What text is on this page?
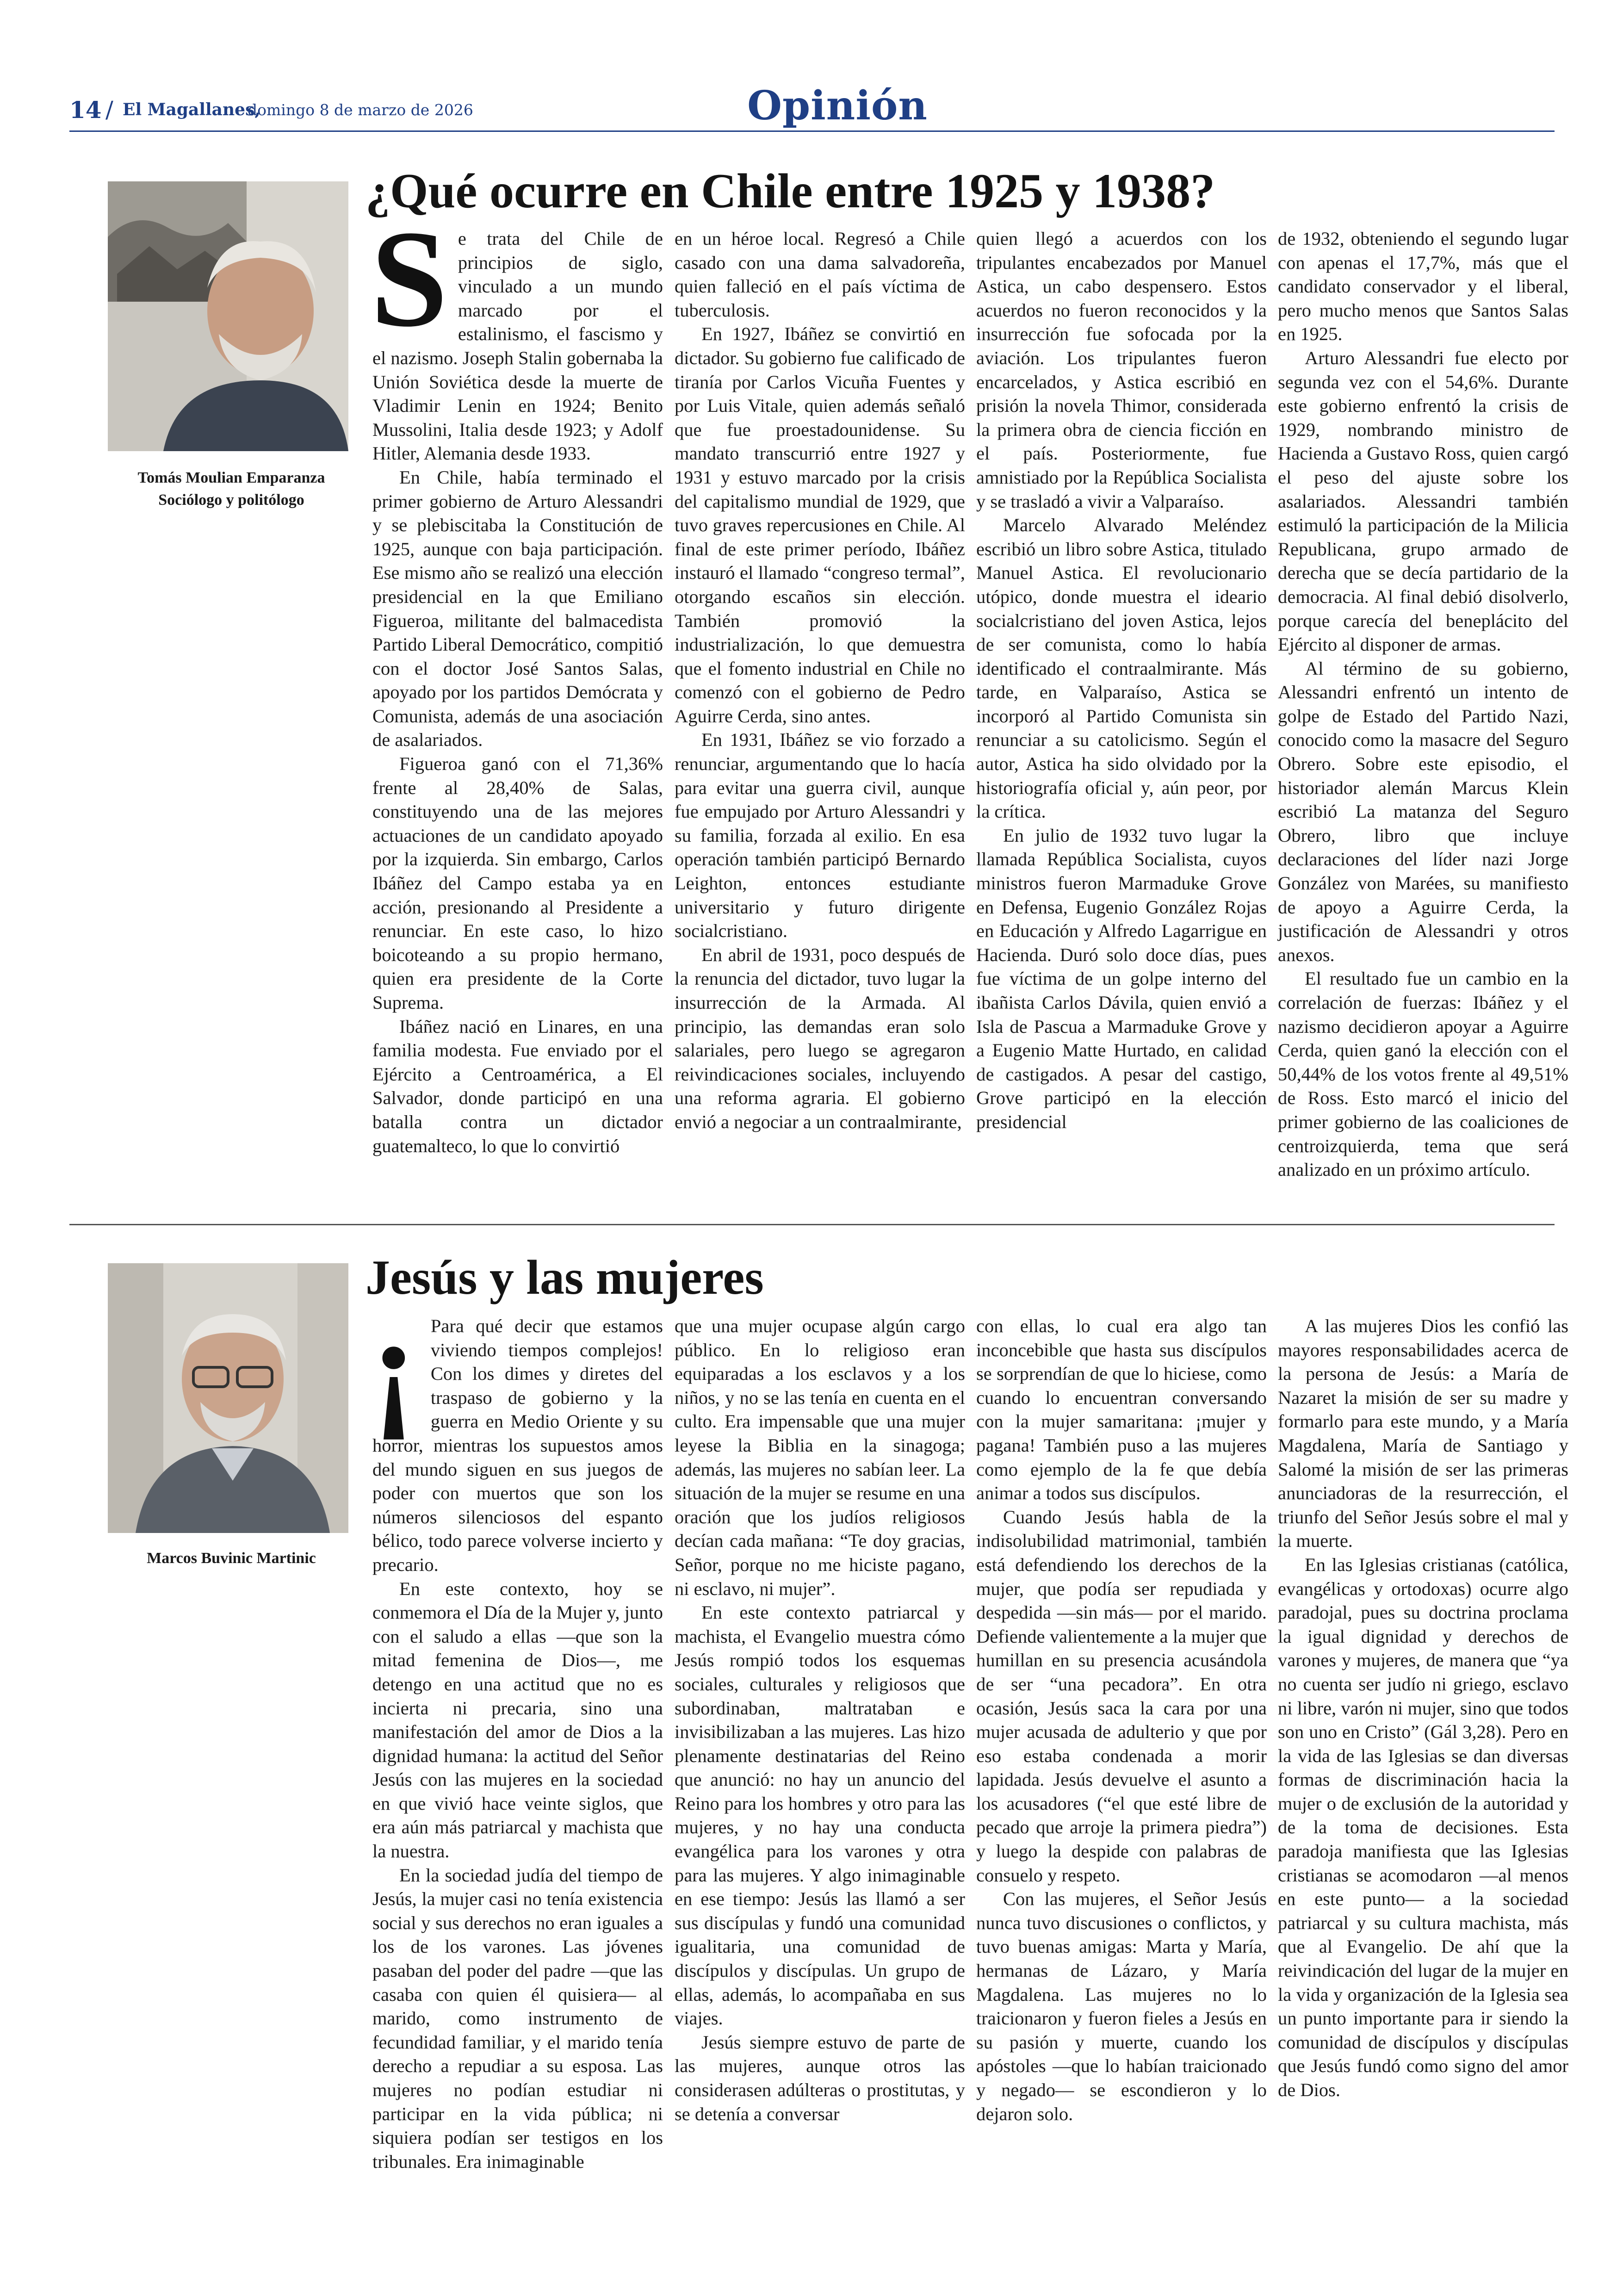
14 / El Magallanes,
domingo 8 de marzo de 2026	Opinión
Tomás Moulian Emparanza
Sociólogo y politólogo
¿Qué ocurre en Chile entre 1925 y 1938?
S e trata del Chile de principios de siglo, vinculado a un mundo marcado por el estalinismo, el fascismo y el nazismo. Joseph Stalin gobernaba la Unión Soviética desde la muerte de Vladimir Lenin en 1924; Benito Mussolini, Italia desde 1923; y Adolf Hitler, Alemania desde 1933.

En Chile, había terminado el primer gobierno de Arturo Alessandri y se plebiscitaba la Constitución de 1925, aunque con baja participación. Ese mismo año se realizó una elección presidencial en la que Emiliano Figueroa, militante del balmacedista Partido Liberal Democrático, compitió con el doctor José Santos Salas, apoyado por los partidos Demócrata y Comunista, además de una asociación de asalariados.

Figueroa ganó con el 71,36% frente al 28,40% de Salas, constituyendo una de las mejores actuaciones de un candidato apoyado por la izquierda. Sin embargo, Carlos Ibáñez del Campo estaba ya en acción, presionando al Presidente a renunciar. En este caso, lo hizo boicoteando a su propio hermano, quien era presidente de la Corte Suprema.

Ibáñez nació en Linares, en una familia modesta. Fue enviado por el Ejército a Centroamérica, a El Salvador, donde participó en una batalla contra un dictador guatemalteco, lo que lo convirtió

en un héroe local. Regresó a Chile casado con una dama salvadoreña, quien falleció en el país víctima de tuberculosis.

En 1927, Ibáñez se convirtió en dictador. Su gobierno fue calificado de tiranía por Carlos Vicuña Fuentes y por Luis Vitale, quien además señaló que fue proestadounidense. Su mandato transcurrió entre 1927 y 1931 y estuvo marcado por la crisis del capitalismo mundial de 1929, que tuvo graves repercusiones en Chile. Al final de este primer período, Ibáñez instauró el llamado “congreso termal”, otorgando escaños sin elección. También promovió la industrialización, lo que demuestra que el fomento industrial en Chile no comenzó con el gobierno de Pedro Aguirre Cerda, sino antes.

En 1931, Ibáñez se vio forzado a renunciar, argumentando que lo hacía para evitar una guerra civil, aunque fue empujado por Arturo Alessandri y su familia, forzada al exilio. En esa operación también participó Bernardo Leighton, entonces estudiante universitario y futuro dirigente socialcristiano.

En abril de 1931, poco después de la renuncia del dictador, tuvo lugar la insurrección de la Armada. Al principio, las demandas eran solo salariales, pero luego se agregaron reivindicaciones sociales, incluyendo una reforma agraria. El gobierno envió a negociar a un contraalmirante,

quien llegó a acuerdos con los tripulantes encabezados por Manuel Astica, un cabo despensero. Estos acuerdos no fueron reconocidos y la insurrección fue sofocada por la aviación. Los tripulantes fueron encarcelados, y Astica escribió en prisión la novela Thimor, considerada la primera obra de ciencia ficción en el país. Posteriormente, fue amnistiado por la República Socialista y se trasladó a vivir a Valparaíso.

Marcelo Alvarado Meléndez escribió un libro sobre Astica, titulado Manuel Astica. El revolucionario utópico, donde muestra el ideario socialcristiano del joven Astica, lejos de ser comunista, como lo había identificado el contraalmirante. Más tarde, en Valparaíso, Astica se incorporó al Partido Comunista sin renunciar a su catolicismo. Según el autor, Astica ha sido olvidado por la historiografía oficial y, aún peor, por la crítica.

En julio de 1932 tuvo lugar la llamada República Socialista, cuyos ministros fueron Marmaduke Grove en Defensa, Eugenio González Rojas en Educación y Alfredo Lagarrigue en Hacienda. Duró solo doce días, pues fue víctima de un golpe interno del ibañista Carlos Dávila, quien envió a Isla de Pascua a Marmaduke Grove y a Eugenio Matte Hurtado, en calidad de castigados. A pesar del castigo, Grove participó en la elección presidencial

de 1932, obteniendo el segundo lugar con apenas el 17,7%, más que el candidato conservador y el liberal, pero mucho menos que Santos Salas en 1925.

Arturo Alessandri fue electo por segunda vez con el 54,6%. Durante este gobierno enfrentó la crisis de 1929, nombrando ministro de Hacienda a Gustavo Ross, quien cargó el peso del ajuste sobre los asalariados. Alessandri también estimuló la participación de la Milicia Republicana, grupo armado de derecha que se decía partidario de la democracia. Al final debió disolverlo, porque carecía del beneplácito del Ejército al disponer de armas.

Al término de su gobierno, Alessandri enfrentó un intento de golpe de Estado del Partido Nazi, conocido como la masacre del Seguro Obrero. Sobre este episodio, el historiador alemán Marcus Klein escribió La matanza del Seguro Obrero, libro que incluye declaraciones del líder nazi Jorge González von Marées, su manifiesto de apoyo a Aguirre Cerda, la justificación de Alessandri y otros anexos.

El resultado fue un cambio en la correlación de fuerzas: Ibáñez y el nazismo decidieron apoyar a Aguirre Cerda, quien ganó la elección con el 50,44% de los votos frente al 49,51% de Ross. Esto marcó el inicio del primer gobierno de las coaliciones de centroizquierda, tema que será analizado en un próximo artículo.

Marcos Buvinic Martinic
Jesús y las mujeres
¡ Para qué decir que estamos viviendo tiempos complejos! Con los dimes y diretes del traspaso de gobierno y la guerra en Medio Oriente y su horror, mientras los supuestos amos del mundo siguen en sus juegos de poder con muertos que son los números silenciosos del espanto bélico, todo parece volverse incierto y precario.

En este contexto, hoy se conmemora el Día de la Mujer y, junto con el saludo a ellas —que son la mitad femenina de Dios—, me detengo en una actitud que no es incierta ni precaria, sino una manifestación del amor de Dios a la dignidad humana: la actitud del Señor Jesús con las mujeres en la sociedad en que vivió hace veinte siglos, que era aún más patriarcal y machista que la nuestra.

En la sociedad judía del tiempo de Jesús, la mujer casi no tenía existencia social y sus derechos no eran iguales a los de los varones. Las jóvenes pasaban del poder del padre —que las casaba con quien él quisiera— al marido, como instrumento de fecundidad familiar, y el marido tenía derecho a repudiar a su esposa. Las mujeres no podían estudiar ni participar en la vida pública; ni siquiera podían ser testigos en los tribunales. Era inimaginable

que una mujer ocupase algún cargo público. En lo religioso eran equiparadas a los esclavos y a los niños, y no se las tenía en cuenta en el culto. Era impensable que una mujer leyese la Biblia en la sinagoga; además, las mujeres no sabían leer. La situación de la mujer se resume en una oración que los judíos religiosos decían cada mañana: “Te doy gracias, Señor, porque no me hiciste pagano, ni esclavo, ni mujer”.

En este contexto patriarcal y machista, el Evangelio muestra cómo Jesús rompió todos los esquemas sociales, culturales y religiosos que subordinaban, maltrataban e invisibilizaban a las mujeres. Las hizo plenamente destinatarias del Reino que anunció: no hay un anuncio del Reino para los hombres y otro para las mujeres, y no hay una conducta evangélica para los varones y otra para las mujeres. Y algo inimaginable en ese tiempo: Jesús las llamó a ser sus discípulas y fundó una comunidad igualitaria, una comunidad de discípulos y discípulas. Un grupo de ellas, además, lo acompañaba en sus viajes.

Jesús siempre estuvo de parte de las mujeres, aunque otros las considerasen adúlteras o prostitutas, y se detenía a conversar

con ellas, lo cual era algo tan inconcebible que hasta sus discípulos se sorprendían de que lo hiciese, como cuando lo encuentran conversando con la mujer samaritana: ¡mujer y pagana! También puso a las mujeres como ejemplo de la fe que debía animar a todos sus discípulos.

Cuando Jesús habla de la indisolubilidad matrimonial, también está defendiendo los derechos de la mujer, que podía ser repudiada y despedida —sin más— por el marido. Defiende valientemente a la mujer que humillan en su presencia acusándola de ser “una pecadora”. En otra ocasión, Jesús saca la cara por una mujer acusada de adulterio y que por eso estaba condenada a morir lapidada. Jesús devuelve el asunto a los acusadores (“el que esté libre de pecado que arroje la primera piedra”) y luego la despide con palabras de consuelo y respeto.

Con las mujeres, el Señor Jesús nunca tuvo discusiones o conflictos, y tuvo buenas amigas: Marta y María, hermanas de Lázaro, y María Magdalena. Las mujeres no lo traicionaron y fueron fieles a Jesús en su pasión y muerte, cuando los apóstoles —que lo habían traicionado y negado— se escondieron y lo dejaron solo.

A las mujeres Dios les confió las mayores responsabilidades acerca de la persona de Jesús: a María de Nazaret la misión de ser su madre y formarlo para este mundo, y a María Magdalena, María de Santiago y Salomé la misión de ser las primeras anunciadoras de la resurrección, el triunfo del Señor Jesús sobre el mal y la muerte.

En las Iglesias cristianas (católica, evangélicas y ortodoxas) ocurre algo paradojal, pues su doctrina proclama la igual dignidad y derechos de varones y mujeres, de manera que “ya no cuenta ser judío ni griego, esclavo ni libre, varón ni mujer, sino que todos son uno en Cristo” (Gál 3,28). Pero en la vida de las Iglesias se dan diversas formas de discriminación hacia la mujer o de exclusión de la autoridad y de la toma de decisiones. Esta paradoja manifiesta que las Iglesias cristianas se acomodaron —al menos en este punto— a la sociedad patriarcal y su cultura machista, más que al Evangelio. De ahí que la reivindicación del lugar de la mujer en la vida y organización de la Iglesia sea un punto importante para ir siendo la comunidad de discípulos y discípulas que Jesús fundó como signo del amor de Dios.
